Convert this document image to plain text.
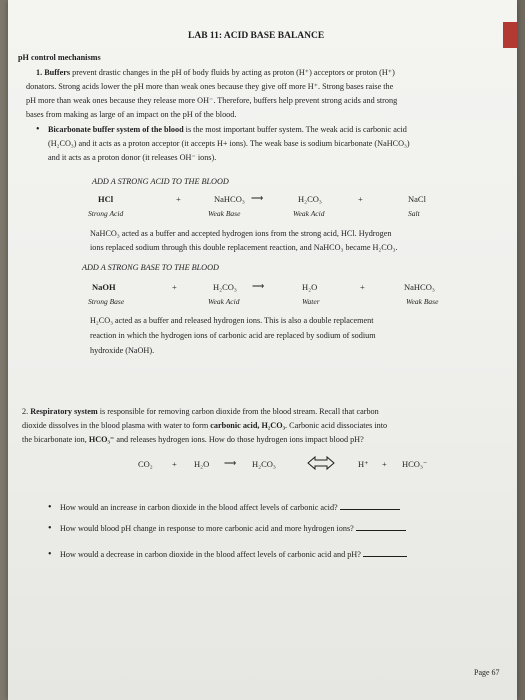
LAB 11: ACID BASE BALANCE
pH control mechanisms
1. Buffers prevent drastic changes in the pH of body fluids by acting as proton (H⁺) acceptors or proton (H⁺)
donators. Strong acids lower the pH more than weak ones because they give off more H⁺. Strong bases raise the
pH more than weak ones because they release more OH⁻. Therefore, buffers help prevent strong acids and strong
bases from making as large of an impact on the pH of the blood.
• Bicarbonate buffer system of the blood is the most important buffer system. The weak acid is carbonic acid
(H₂CO₃) and it acts as a proton acceptor (it accepts H+ ions). The weak base is sodium bicarbonate (NaHCO₃)
and it acts as a proton donor (it releases OH⁻ ions).
ADD A STRONG ACID TO THE BLOOD
HCl	+	NaHCO₃ ⟶	H₂CO₃	+	NaCl
Strong Acid	Weak Base	Weak Acid	Salt
NaHCO₃ acted as a buffer and accepted hydrogen ions from the strong acid, HCl. Hydrogen
ions replaced sodium through this double replacement reaction, and NaHCO₃ became H₂CO₃.
ADD A STRONG BASE TO THE BLOOD
NaOH	+	H₂CO₃ ⟶	H₂O	+	NaHCO₃
Strong Base	Weak Acid	Water	Weak Base
H₂CO₃ acted as a buffer and released hydrogen ions. This is also a double replacement
reaction in which the hydrogen ions of carbonic acid are replaced by sodium of sodium
hydroxide (NaOH).
2. Respiratory system is responsible for removing carbon dioxide from the blood stream. Recall that carbon
dioxide dissolves in the blood plasma with water to form carbonic acid, H₂CO₃. Carbonic acid dissociates into
the bicarbonate ion, HCO₃⁻ and releases hydrogen ions. How do those hydrogen ions impact blood pH?
CO₂ + H₂O ⟶ H₂CO₃	H⁺ + HCO₃⁻
• How would an increase in carbon dioxide in the blood affect levels of carbonic acid?
• How would blood pH change in response to more carbonic acid and more hydrogen ions?
• How would a decrease in carbon dioxide in the blood affect levels of carbonic acid and pH?
Page 67
